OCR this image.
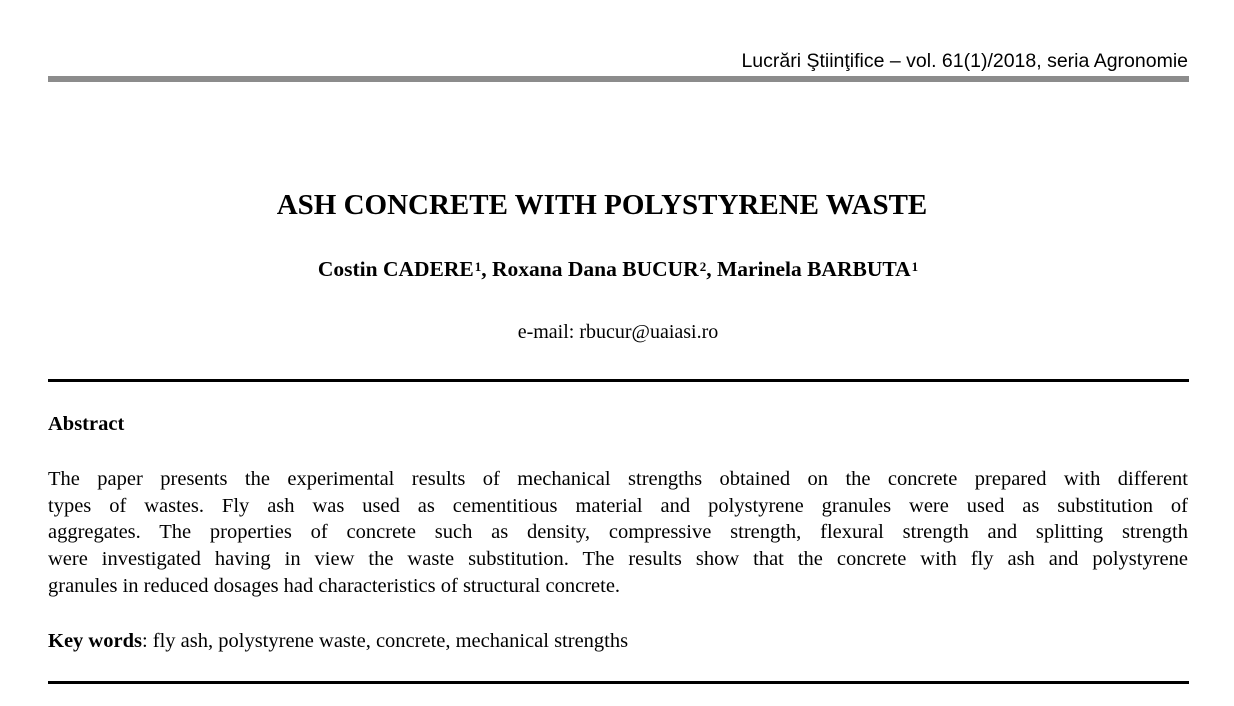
Lucrări Ştiinţifice – vol. 61(1)/2018, seria Agronomie
ASH CONCRETE WITH POLYSTYRENE WASTE
Costin CADERE$^1$, Roxana Dana BUCUR$^2$, Marinela BARBUTA$^1$
e-mail: rbucur@uaiasi.ro
Abstract
The paper presents the experimental results of mechanical strengths obtained on the concrete prepared with different
types of wastes. Fly ash was used as cementitious material and polystyrene granules were used as substitution of
aggregates. The properties of concrete such as density, compressive strength, flexural strength and splitting strength
were investigated having in view the waste substitution. The results show that the concrete with fly ash and polystyrene
granules in reduced dosages had characteristics of structural concrete.
Key words: fly ash, polystyrene waste, concrete, mechanical strengths
